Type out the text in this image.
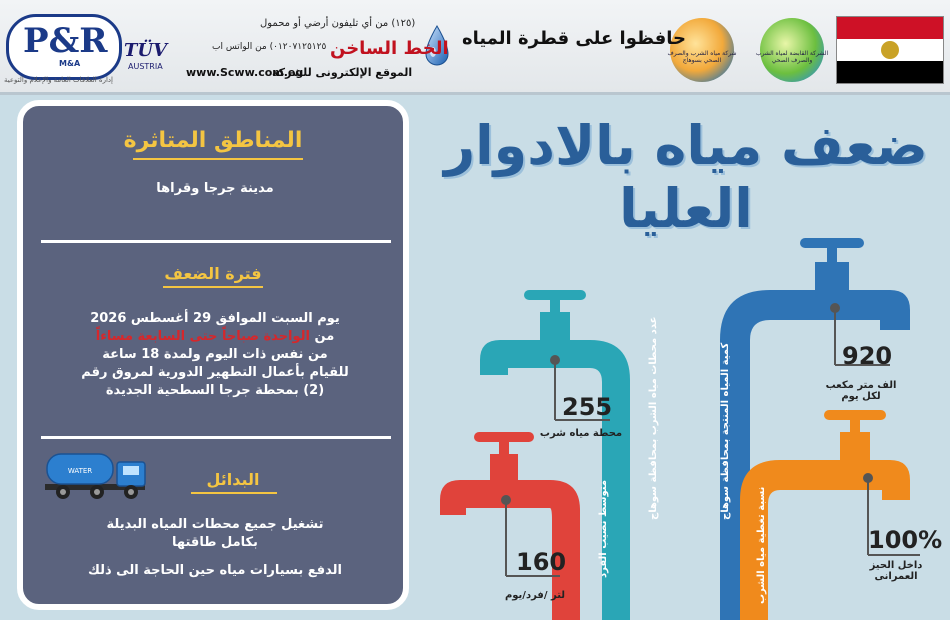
الشركة القابضة لمياه الشرب والصرف الصحي
شركة مياه الشرب والصرف الصحي بسوهاج
حافظوا على قطرة المياه
(١٢٥) من أي تليفون أرضي أو محمول
الخط الساخن
٠١٢٠٧١٢٥١٢٥) من الواتس اب
الموقع الإلكترونى للشركة
www.Scww.com.eg
TÜV
AUSTRIA
P&R
M&A
إدارة العلاقات العامة والإعلام والتوعية
المناطق المتاثرة
مدينة جرجا وقراها
فترة الضعف
يوم السبت الموافق 29 أغسطس 2026
من الواحدة صباحاً حتى السابعة مساءاً
من نفس ذات اليوم ولمدة 18 ساعة
للقيام بأعمال التطهير الدورية لمروق رقم
(2) بمحطة جرجا السطحية الجديدة
WATER	البدائل
تشغيل جميع محطات المياه البديلة
بكامل طاقتها
الدفع بسيارات مياه حين الحاجة الى ذلك
ضعف مياه بالادوار العليا
920
الف متر مكعب لكل يوم
255
محطة مياه شرب
160
لتر /فرد/يوم
100%
داخل الحيز العمرانى
كمية المياه المنتجة بمحافظة سوهاج
عدد محطات مياه الشرب بمحافظة سوهاج
متوسط نصيب الفرد	نسبة تغطية مياه الشرب
